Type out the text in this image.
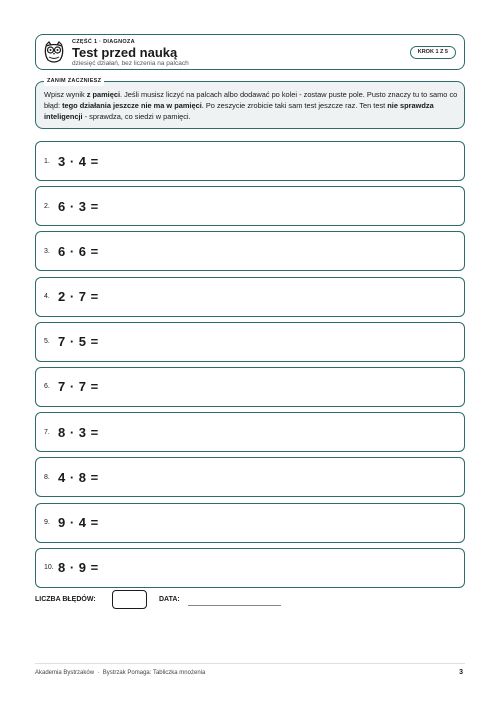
CZĘŚĆ 1 · DIAGNOZA
Test przed nauką
dziesięć działań, bez liczenia na palcach
KROK 1 Z 5
ZANIM ZACZNIESZ
Wpisz wynik z pamięci. Jeśli musisz liczyć na palcach albo dodawać po kolei - zostaw puste pole. Pusto znaczy tu to samo co błąd: tego działania jeszcze nie ma w pamięci. Po zeszycie zrobicie taki sam test jeszcze raz. Ten test nie sprawdza inteligencji - sprawdza, co siedzi w pamięci.
1. 3 · 4 =
2. 6 · 3 =
3. 6 · 6 =
4. 2 · 7 =
5. 7 · 5 =
6. 7 · 7 =
7. 8 · 3 =
8. 4 · 8 =
9. 9 · 4 =
10. 8 · 9 =
LICZBA BŁĘDÓW:	DATA:
Akademia Bystrzaków · Bystrzak Pomaga: Tabliczka mnożenia	3
